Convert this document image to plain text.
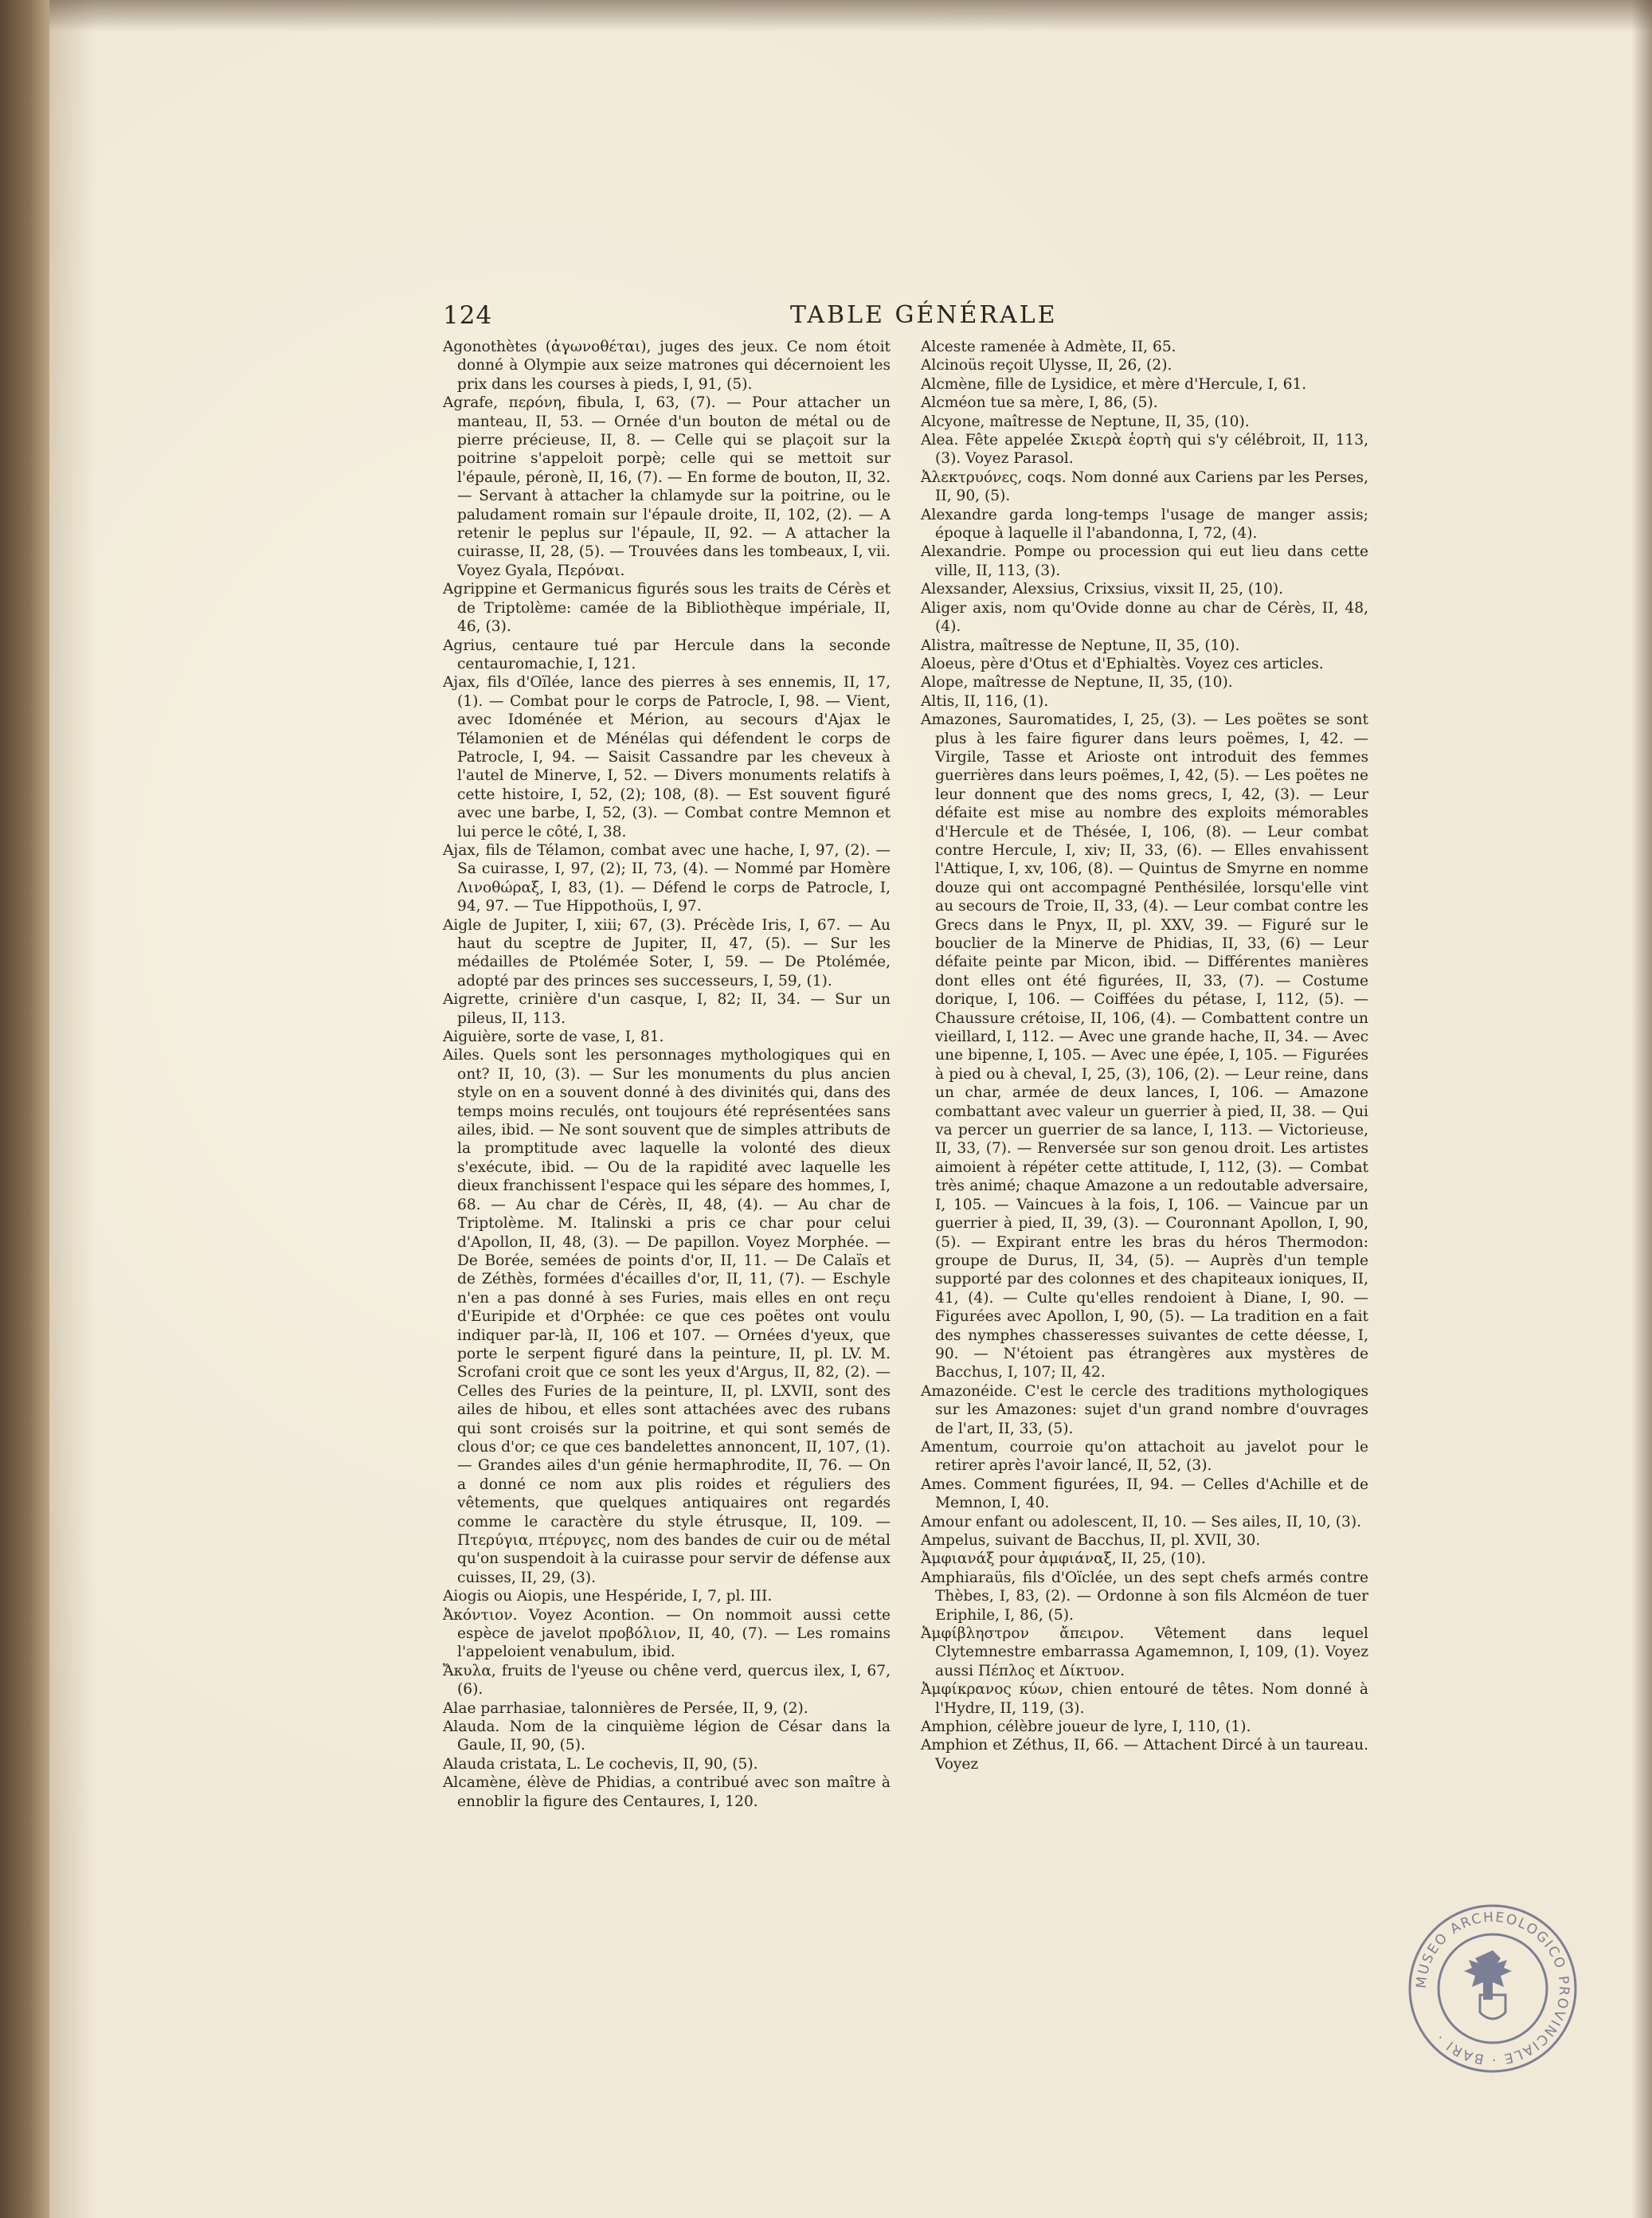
124	TABLE GÉNÉRALE

Agonothètes (ἀγωνοθέται), juges des jeux. Ce nom étoit donné à Olympie aux seize matrones qui décernoient les prix dans les courses à pieds, I, 91, (5).

Agrafe, περόνη, fibula, I, 63, (7). — Pour attacher un manteau, II, 53. — Ornée d'un bouton de métal ou de pierre précieuse, II, 8. — Celle qui se plaçoit sur la poitrine s'appeloit porpè; celle qui se mettoit sur l'épaule, péronè, II, 16, (7). — En forme de bouton, II, 32. — Servant à attacher la chlamyde sur la poitrine, ou le paludament romain sur l'épaule droite, II, 102, (2). — A retenir le peplus sur l'épaule, II, 92. — A attacher la cuirasse, II, 28, (5). — Trouvées dans les tombeaux, I, vii. Voyez Gyala, Περόναι.

Agrippine et Germanicus figurés sous les traits de Cérès et de Triptolème: camée de la Bibliothèque impériale, II, 46, (3).

Agrius, centaure tué par Hercule dans la seconde centauromachie, I, 121.

Ajax, fils d'Oïlée, lance des pierres à ses ennemis, II, 17, (1). — Combat pour le corps de Patrocle, I, 98. — Vient, avec Idoménée et Mérion, au secours d'Ajax le Télamonien et de Ménélas qui défendent le corps de Patrocle, I, 94. — Saisit Cassandre par les cheveux à l'autel de Minerve, I, 52. — Divers monuments relatifs à cette histoire, I, 52, (2); 108, (8). — Est souvent figuré avec une barbe, I, 52, (3). — Combat contre Memnon et lui perce le côté, I, 38.

Ajax, fils de Télamon, combat avec une hache, I, 97, (2). — Sa cuirasse, I, 97, (2); II, 73, (4). — Nommé par Homère Λινοθώραξ, I, 83, (1). — Défend le corps de Patrocle, I, 94, 97. — Tue Hippothoüs, I, 97.

Aigle de Jupiter, I, xiii; 67, (3). Précède Iris, I, 67. — Au haut du sceptre de Jupiter, II, 47, (5). — Sur les médailles de Ptolémée Soter, I, 59. — De Ptolémée, adopté par des princes ses successeurs, I, 59, (1).

Aigrette, crinière d'un casque, I, 82; II, 34. — Sur un pileus, II, 113.

Aiguière, sorte de vase, I, 81.

Ailes. Quels sont les personnages mythologiques qui en ont? II, 10, (3). — Sur les monuments du plus ancien style on en a souvent donné à des divinités qui, dans des temps moins reculés, ont toujours été représentées sans ailes, ibid. — Ne sont souvent que de simples attributs de la promptitude avec laquelle la volonté des dieux s'exécute, ibid. — Ou de la rapidité avec laquelle les dieux franchissent l'espace qui les sépare des hommes, I, 68. — Au char de Cérès, II, 48, (4). — Au char de Triptolème. M. Italinski a pris ce char pour celui d'Apollon, II, 48, (3). — De papillon. Voyez Morphée. — De Borée, semées de points d'or, II, 11. — De Calaïs et de Zéthès, formées d'écailles d'or, II, 11, (7). — Eschyle n'en a pas donné à ses Furies, mais elles en ont reçu d'Euripide et d'Orphée: ce que ces poëtes ont voulu indiquer par-là, II, 106 et 107. — Ornées d'yeux, que porte le serpent figuré dans la peinture, II, pl. LV. M. Scrofani croit que ce sont les yeux d'Argus, II, 82, (2). — Celles des Furies de la peinture, II, pl. LXVII, sont des ailes de hibou, et elles sont attachées avec des rubans qui sont croisés sur la poitrine, et qui sont semés de clous d'or; ce que ces bandelettes annoncent, II, 107, (1). — Grandes ailes d'un génie hermaphrodite, II, 76. — On a donné ce nom aux plis roides et réguliers des vêtements, que quelques antiquaires ont regardés comme le caractère du style étrusque, II, 109. — Πτερύγια, πτέρυγες, nom des bandes de cuir ou de métal qu'on suspendoit à la cuirasse pour servir de défense aux cuisses, II, 29, (3).

Aiogis ou Aiopis, une Hespéride, I, 7, pl. III.

Ἀκόντιον. Voyez Acontion. — On nommoit aussi cette espèce de javelot προβόλιον, II, 40, (7). — Les romains l'appeloient venabulum, ibid.

Ἄκυλα, fruits de l'yeuse ou chêne verd, quercus ilex, I, 67, (6).

Alae parrhasiae, talonnières de Persée, II, 9, (2).

Alauda. Nom de la cinquième légion de César dans la Gaule, II, 90, (5).

Alauda cristata, L. Le cochevis, II, 90, (5).

Alcamène, élève de Phidias, a contribué avec son maître à ennoblir la figure des Centaures, I, 120.

Alceste ramenée à Admète, II, 65.

Alcinoüs reçoit Ulysse, II, 26, (2).

Alcmène, fille de Lysidice, et mère d'Hercule, I, 61.

Alcméon tue sa mère, I, 86, (5).

Alcyone, maîtresse de Neptune, II, 35, (10).

Alea. Fête appelée Σκιερὰ ἑορτὴ qui s'y célébroit, II, 113, (3). Voyez Parasol.

Ἀλεκτρυόνες, coqs. Nom donné aux Cariens par les Perses, II, 90, (5).

Alexandre garda long-temps l'usage de manger assis; époque à laquelle il l'abandonna, I, 72, (4).

Alexandrie. Pompe ou procession qui eut lieu dans cette ville, II, 113, (3).

Alexsander, Alexsius, Crixsius, vixsit II, 25, (10).

Aliger axis, nom qu'Ovide donne au char de Cérès, II, 48, (4).

Alistra, maîtresse de Neptune, II, 35, (10).

Aloeus, père d'Otus et d'Ephialtès. Voyez ces articles.

Alope, maîtresse de Neptune, II, 35, (10).

Altis, II, 116, (1).

Amazones, Sauromatides, I, 25, (3). — Les poëtes se sont plus à les faire figurer dans leurs poëmes, I, 42. — Virgile, Tasse et Arioste ont introduit des femmes guerrières dans leurs poëmes, I, 42, (5). — Les poëtes ne leur donnent que des noms grecs, I, 42, (3). — Leur défaite est mise au nombre des exploits mémorables d'Hercule et de Thésée, I, 106, (8). — Leur combat contre Hercule, I, xiv; II, 33, (6). — Elles envahissent l'Attique, I, xv, 106, (8). — Quintus de Smyrne en nomme douze qui ont accompagné Penthésilée, lorsqu'elle vint au secours de Troie, II, 33, (4). — Leur combat contre les Grecs dans le Pnyx, II, pl. XXV, 39. — Figuré sur le bouclier de la Minerve de Phidias, II, 33, (6) — Leur défaite peinte par Micon, ibid. — Différentes manières dont elles ont été figurées, II, 33, (7). — Costume dorique, I, 106. — Coiffées du pétase, I, 112, (5). — Chaussure crétoise, II, 106, (4). — Combattent contre un vieillard, I, 112. — Avec une grande hache, II, 34. — Avec une bipenne, I, 105. — Avec une épée, I, 105. — Figurées à pied ou à cheval, I, 25, (3), 106, (2). — Leur reine, dans un char, armée de deux lances, I, 106. — Amazone combattant avec valeur un guerrier à pied, II, 38. — Qui va percer un guerrier de sa lance, I, 113. — Victorieuse, II, 33, (7). — Renversée sur son genou droit. Les artistes aimoient à répéter cette attitude, I, 112, (3). — Combat très animé; chaque Amazone a un redoutable adversaire, I, 105. — Vaincues à la fois, I, 106. — Vaincue par un guerrier à pied, II, 39, (3). — Couronnant Apollon, I, 90, (5). — Expirant entre les bras du héros Thermodon: groupe de Durus, II, 34, (5). — Auprès d'un temple supporté par des colonnes et des chapiteaux ioniques, II, 41, (4). — Culte qu'elles rendoient à Diane, I, 90. — Figurées avec Apollon, I, 90, (5). — La tradition en a fait des nymphes chasseresses suivantes de cette déesse, I, 90. — N'étoient pas étrangères aux mystères de Bacchus, I, 107; II, 42.

Amazonéide. C'est le cercle des traditions mythologiques sur les Amazones: sujet d'un grand nombre d'ouvrages de l'art, II, 33, (5).

Amentum, courroie qu'on attachoit au javelot pour le retirer après l'avoir lancé, II, 52, (3).

Ames. Comment figurées, II, 94. — Celles d'Achille et de Memnon, I, 40.

Amour enfant ou adolescent, II, 10. — Ses ailes, II, 10, (3).

Ampelus, suivant de Bacchus, II, pl. XVII, 30.

Ἀμφιανάξ pour ἀμφιάναξ, II, 25, (10).

Amphiaraüs, fils d'Oïclée, un des sept chefs armés contre Thèbes, I, 83, (2). — Ordonne à son fils Alcméon de tuer Eriphile, I, 86, (5).

Ἀμφίβληστρον ἄπειρον. Vêtement dans lequel Clytemnestre embarrassa Agamemnon, I, 109, (1). Voyez aussi Πέπλος et Δίκτυον.

Ἀμφίκρανος κύων, chien entouré de têtes. Nom donné à l'Hydre, II, 119, (3).

Amphion, célèbre joueur de lyre, I, 110, (1).

Amphion et Zéthus, II, 66. — Attachent Dircé à un taureau. Voyez

MUSEO ARCHEOLOGICO PROVINCIALE · BARI ·
